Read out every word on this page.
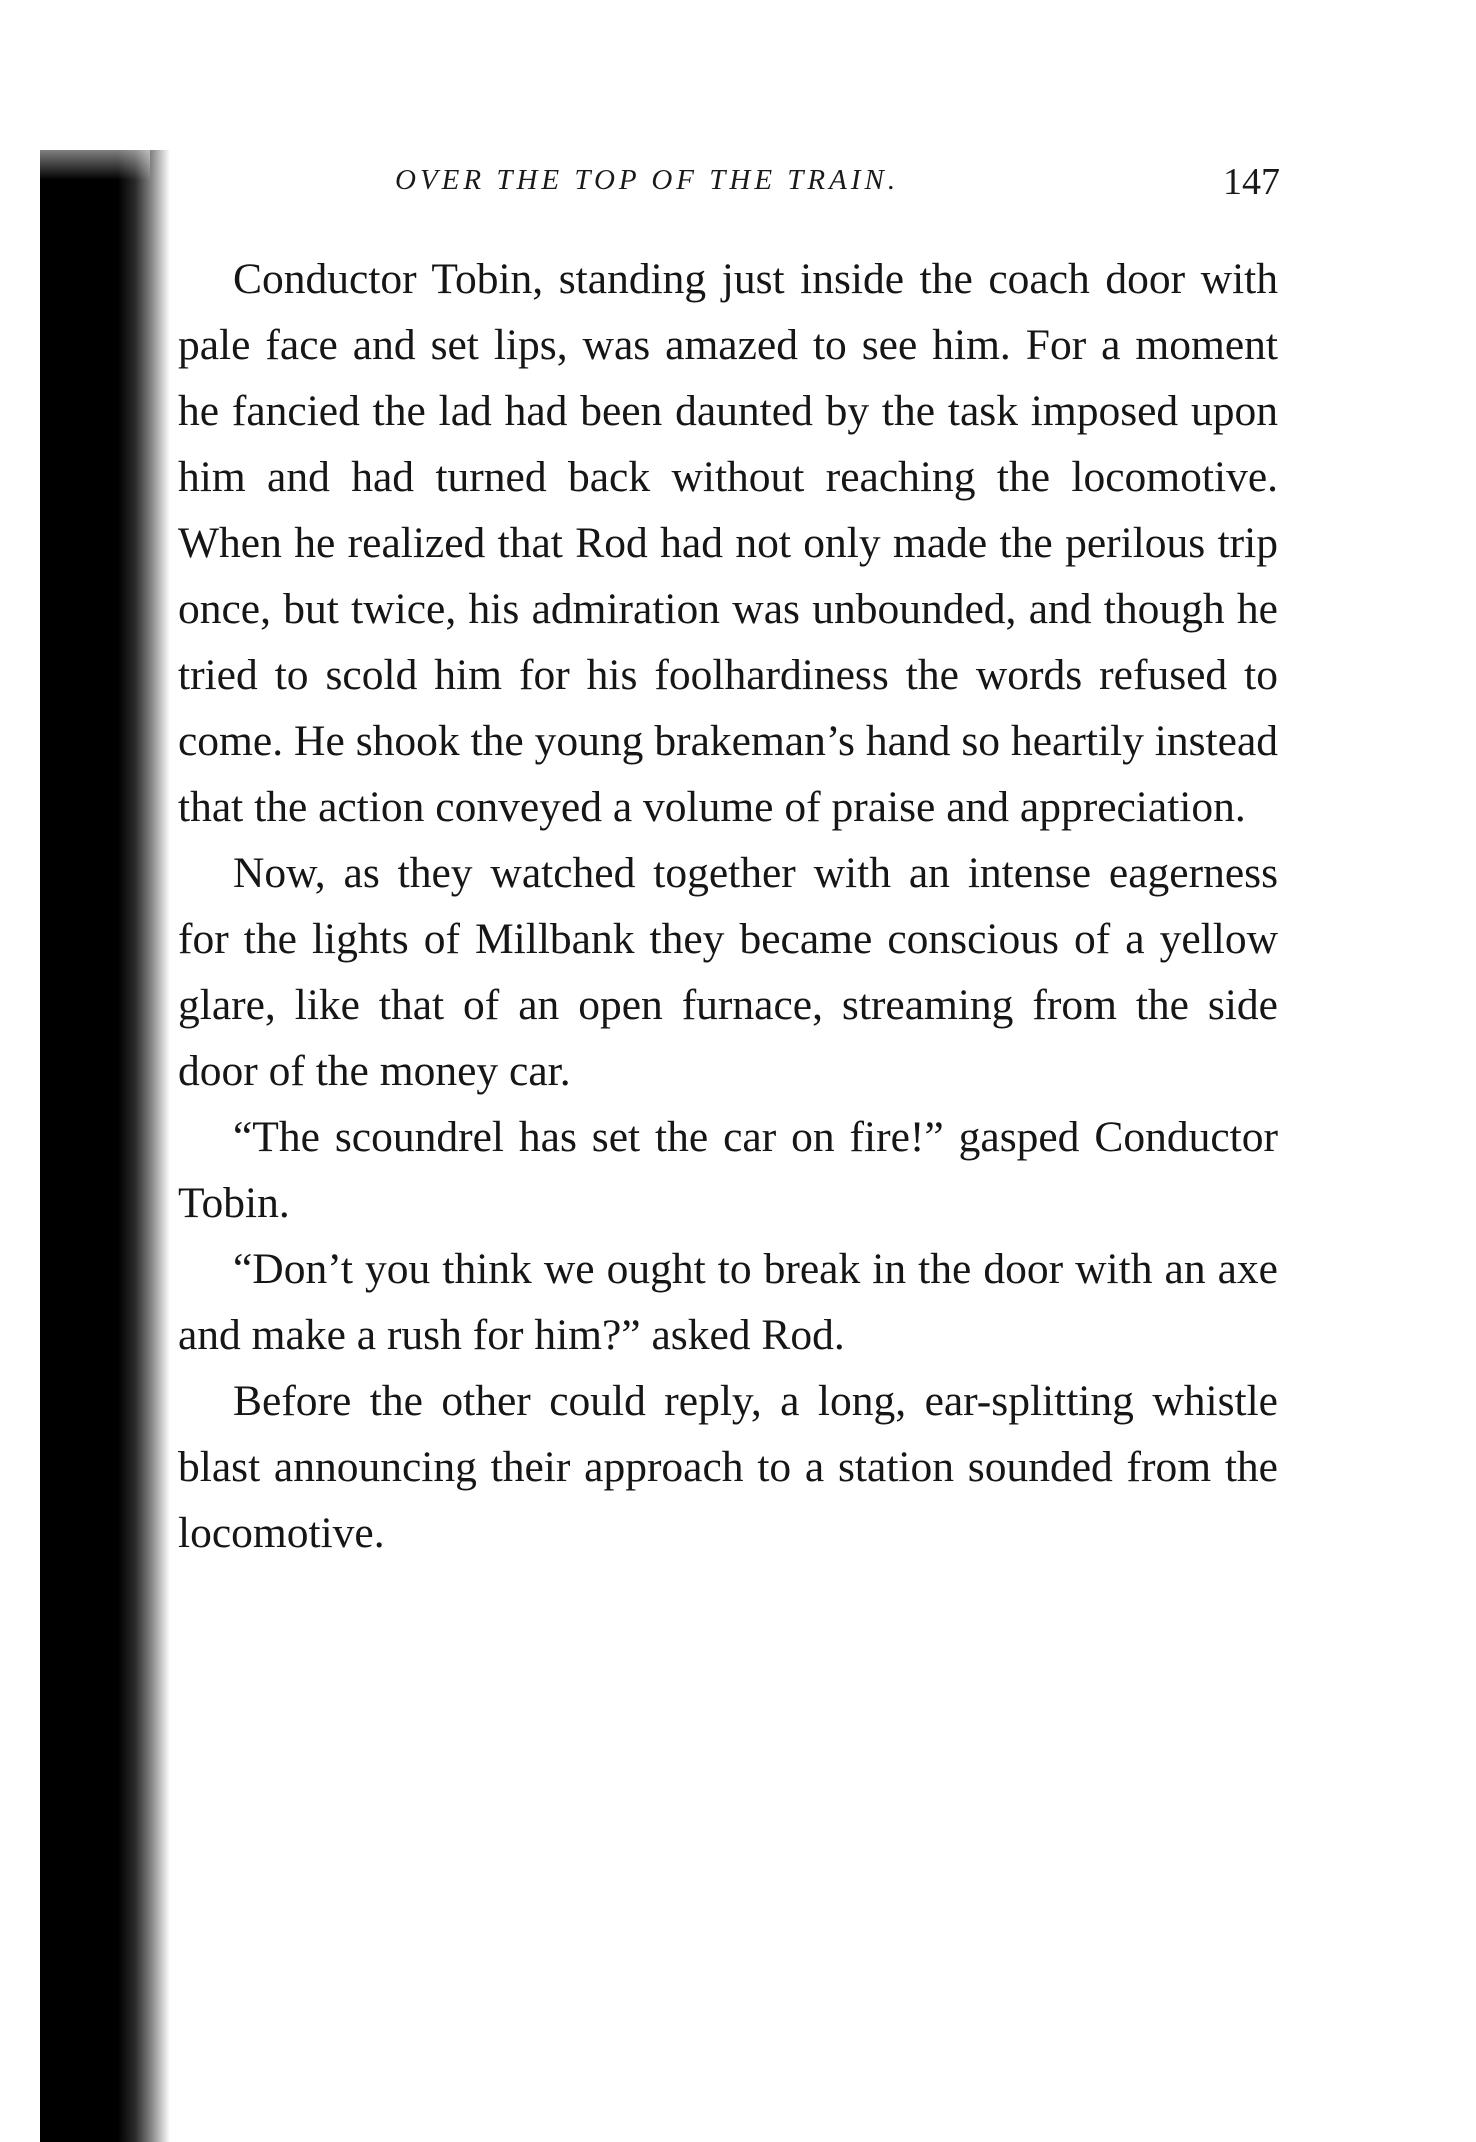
OVER THE TOP OF THE TRAIN.	147

Conductor Tobin, standing just inside the coach door with pale face and set lips, was amazed to see him. For a moment he fancied the lad had been daunted by the task imposed upon him and had turned back without reaching the locomotive. When he realized that Rod had not only made the perilous trip once, but twice, his admiration was unbounded, and though he tried to scold him for his foolhardiness the words refused to come. He shook the young brakeman’s hand so heartily instead that the action conveyed a volume of praise and appreciation.

Now, as they watched together with an intense eagerness for the lights of Millbank they became conscious of a yellow glare, like that of an open furnace, streaming from the side door of the money car.

“The scoundrel has set the car on fire!” gasped Conductor Tobin.

“Don’t you think we ought to break in the door with an axe and make a rush for him?” asked Rod.

Before the other could reply, a long, ear-splitting whistle blast announcing their approach to a station sounded from the locomotive.
